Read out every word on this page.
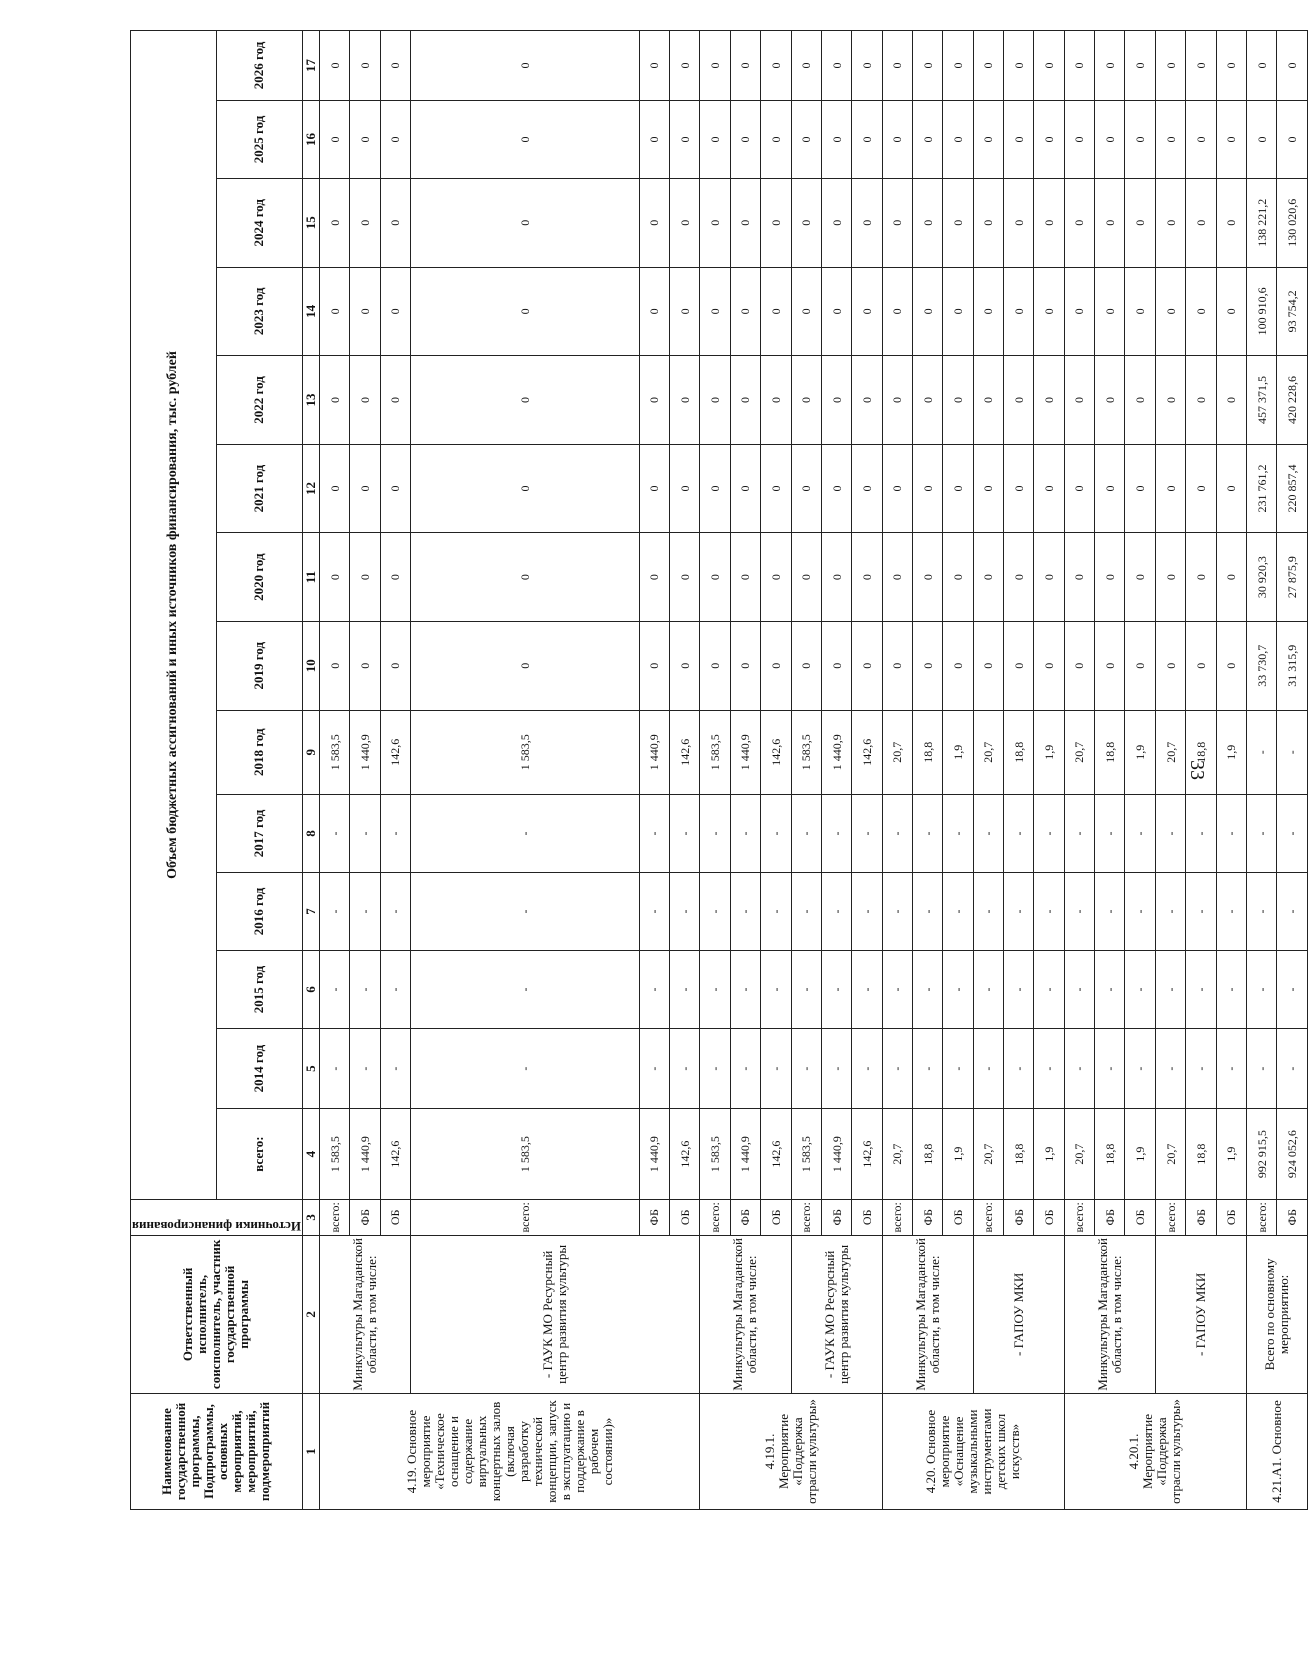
Наименование государственной программы, Подпрограммы, основных мероприятий, мероприятий, подмероприятий	Ответственный исполнитель, соисполнитель, участник государственной программы	Источники финансирования	Объем бюджетных ассигнований и иных источников финансирования, тыс. рублей													
			всего:	2014 год	2015 год	2016 год	2017 год	2018 год	2019 год	2020 год	2021 год	2022 год	2023 год	2024 год	2025 год	2026 год
1	2	3	4	5	6	7	8	9	10	11	12	13	14	15	16	17
4.19. Основное мероприятие «Техническое оснащение и содержание виртуальных концертных залов (включая разработку технической концепции, запуск в эксплуатацию и поддержание в рабочем состоянии)»	Минкультуры Магаданской области, в том числе:	всего:	1 583,5	-	-	-	-	1 583,5	0	0	0	0	0	0	0	0
		ФБ	1 440,9	-	-	-	-	1 440,9	0	0	0	0	0	0	0	0
		ОБ	142,6	-	-	-	-	142,6	0	0	0	0	0	0	0	0
	- ГАУК МО Ресурсный центр развития культуры	всего:	1 583,5	-	-	-	-	1 583,5	0	0	0	0	0	0	0	0
		ФБ	1 440,9	-	-	-	-	1 440,9	0	0	0	0	0	0	0	0
		ОБ	142,6	-	-	-	-	142,6	0	0	0	0	0	0	0	0
4.19.1. Мероприятие «Поддержка отрасли культуры»	Минкультуры Магаданской области, в том числе:	всего:	1 583,5	-	-	-	-	1 583,5	0	0	0	0	0	0	0	0
		ФБ	1 440,9	-	-	-	-	1 440,9	0	0	0	0	0	0	0	0
		ОБ	142,6	-	-	-	-	142,6	0	0	0	0	0	0	0	0
	- ГАУК МО Ресурсный центр развития культуры	всего:	1 583,5	-	-	-	-	1 583,5	0	0	0	0	0	0	0	0
		ФБ	1 440,9	-	-	-	-	1 440,9	0	0	0	0	0	0	0	0
		ОБ	142,6	-	-	-	-	142,6	0	0	0	0	0	0	0	0
4.20. Основное мероприятие «Оснащение музыкальными инструментами детских школ искусств»	Минкультуры Магаданской области, в том числе:	всего:	20,7	-	-	-	-	20,7	0	0	0	0	0	0	0	0
		ФБ	18,8	-	-	-	-	18,8	0	0	0	0	0	0	0	0
		ОБ	1,9	-	-	-	-	1,9	0	0	0	0	0	0	0	0
	- ГАПОУ МКИ	всего:	20,7	-	-	-	-	20,7	0	0	0	0	0	0	0	0
		ФБ	18,8	-	-	-	-	18,8	0	0	0	0	0	0	0	0
		ОБ	1,9	-	-	-	-	1,9	0	0	0	0	0	0	0	0
4.20.1. Мероприятие «Поддержка отрасли культуры»	Минкультуры Магаданской области, в том числе:	всего:	20,7	-	-	-	-	20,7	0	0	0	0	0	0	0	0
		ФБ	18,8	-	-	-	-	18,8	0	0	0	0	0	0	0	0
		ОБ	1,9	-	-	-	-	1,9	0	0	0	0	0	0	0	0
	- ГАПОУ МКИ	всего:	20,7	-	-	-	-	20,7	0	0	0	0	0	0	0	0
		ФБ	18,8	-	-	-	-	18,8	0	0	0	0	0	0	0	0
		ОБ	1,9	-	-	-	-	1,9	0	0	0	0	0	0	0	0
4.21.А1. Основное	Всего по основному мероприятию:	всего:	992 915,5	-	-	-	-	-	33 730,7	30 920,3	231 761,2	457 371,5	100 910,6	138 221,2	0	0
		ФБ	924 052,6	-	-	-	-	-	31 315,9	27 875,9	220 857,4	420 228,6	93 754,2	130 020,6	0	0
33
